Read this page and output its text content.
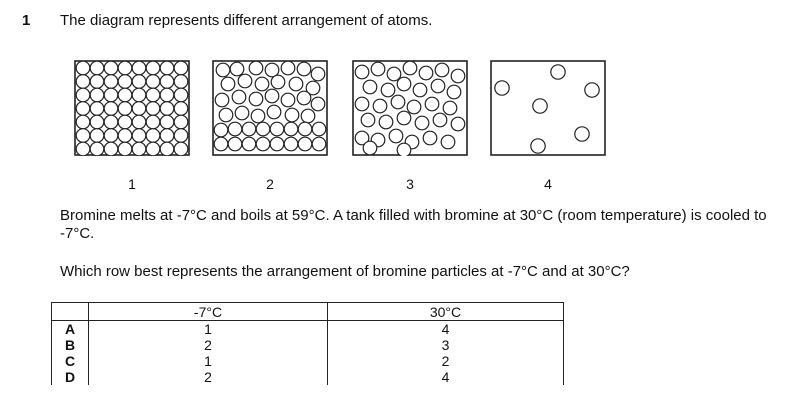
1 The diagram represents different arrangement of atoms.
1	2	3	4
Bromine melts at -7°C and boils at 59°C. A tank filled with bromine at 30°C (room temperature) is cooled to -7°C.
Which row best represents the arrangement of bromine particles at -7°C and at 30°C?
	-7°C	30°C
A	1	4
B	2	3
C	1	2
D	2	4
